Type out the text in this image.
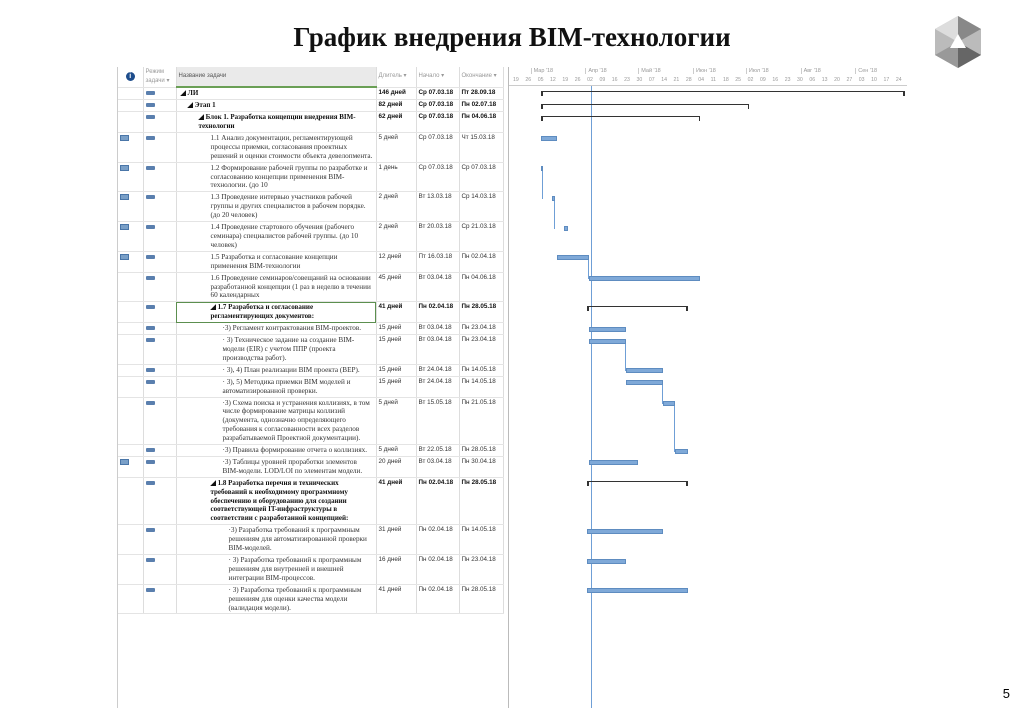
График внедрения BIM-технологии
i	Режим задачи ▾	Название задачи	Длитель ▾	Начало ▾	Окончание ▾
		◢ ЛИ	146 дней	Ср 07.03.18	Пт 28.09.18
		◢ Этап 1	82 дней	Ср 07.03.18	Пн 02.07.18
		◢ Блок 1. Разработка концепции внедрения BIM-технологии	62 дней	Ср 07.03.18	Пн 04.06.18
		1.1 Анализ документации, регламентирующей процессы приемки, согласования проектных решений и оценки стоимости объекта девелопмента.	5 дней	Ср 07.03.18	Чт 15.03.18
		1.2 Формирование рабочей группы по разработке и согласованию концепции применения BIM-технологии. (до 10	1 день	Ср 07.03.18	Ср 07.03.18
		1.3 Проведение интервью участников рабочей группы и других специалистов в рабочем порядке. (до 20 человек)	2 дней	Вт 13.03.18	Ср 14.03.18
		1.4 Проведение стартового обучения (рабочего семинара) специалистов рабочей группы. (до 10 человек)	2 дней	Вт 20.03.18	Ср 21.03.18
		1.5 Разработка и согласование концепции применения BIM-технологии	12 дней	Пт 16.03.18	Пн 02.04.18
		1.6 Проведение семинаров/совещаний на основании разработанной концепции (1 раз в неделю в течении 60 календарных	45 дней	Вт 03.04.18	Пн 04.06.18
		◢ 1.7 Разработка и согласование регламентирующих документов:	41 дней	Пн 02.04.18	Пн 28.05.18
		·3) Регламент контрактования BIM-проектов.	15 дней	Вт 03.04.18	Пн 23.04.18
		· 3) Техническое задание на создание BIM-модели (EIR) с учетом ППР (проекта производства работ).	15 дней	Вт 03.04.18	Пн 23.04.18
		· 3), 4) План реализации BIM проекта (BEP).	15 дней	Вт 24.04.18	Пн 14.05.18
		· 3), 5) Методика приемки BIM моделей и автоматизированной проверки.	15 дней	Вт 24.04.18	Пн 14.05.18
		·3) Схема поиска и устранения коллизиях, в том числе формирование матрицы коллизий (документа, однозначно определяющего требования к согласованности всех разделов разрабатываемой Проектной документации).	5 дней	Вт 15.05.18	Пн 21.05.18
		·3) Правила формирование отчета о коллизиях.	5 дней	Вт 22.05.18	Пн 28.05.18
		·3) Таблицы уровней проработки элементов BIM-модели. LOD/LOI по элементам модели.	20 дней	Вт 03.04.18	Пн 30.04.18
		◢ 1.8 Разработка перечня и технических требований к необходимому программному обеспечению и оборудованию для создании соответствующей IT-инфраструктуры в соответствии с разработанной концепцией:	41 дней	Пн 02.04.18	Пн 28.05.18
		·3) Разработка требований к программным решениям для автоматизированной проверки BIM-моделей.	31 дней	Пн 02.04.18	Пн 14.05.18
		· 3) Разработка требований к программным решениям для внутренней и внешней интеграции BIM-процессов.	16 дней	Пн 02.04.18	Пн 23.04.18
		· 3) Разработка требований к программным решениям для оценки качества модели (валидация модели).	41 дней	Пн 02.04.18	Пн 28.05.18
19 26 05 12 19 26 02 09 16 23 30 07 14 21 28 04 11 18 25 02 09 16 23 30 06 13 20 27 03 10 17 24
Мар '18	Апр '18	Май '18	Июн '18	Июл '18	Авг '18	Сен '18
5
